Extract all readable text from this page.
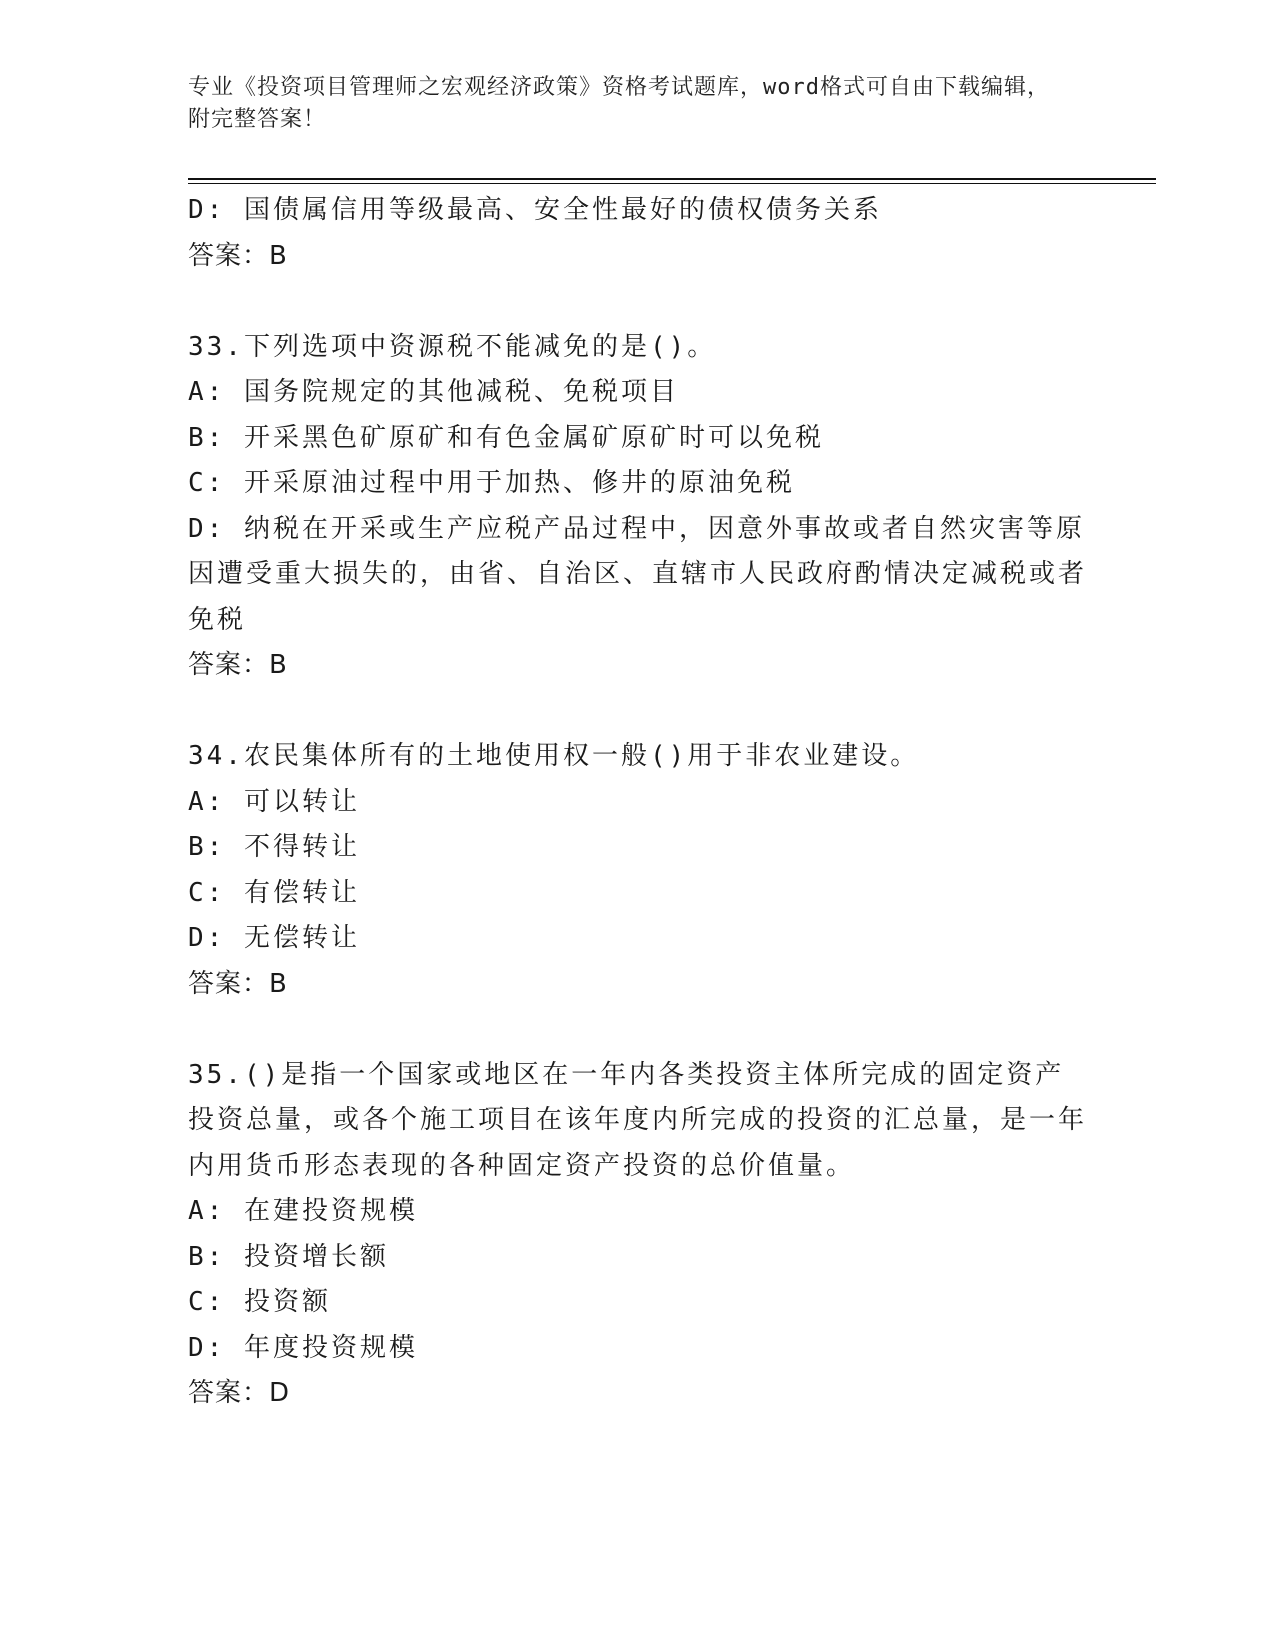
专业《投资项目管理师之宏观经济政策》资格考试题库，word格式可自由下载编辑，附完整答案！
D: 国债属信用等级最高、安全性最好的债权债务关系
答案：B
33.下列选项中资源税不能减免的是()。
A: 国务院规定的其他减税、免税项目
B: 开采黑色矿原矿和有色金属矿原矿时可以免税
C: 开采原油过程中用于加热、修井的原油免税
D: 纳税在开采或生产应税产品过程中，因意外事故或者自然灾害等原因遭受重大损失的，由省、自治区、直辖市人民政府酌情决定减税或者免税
答案：B
34.农民集体所有的土地使用权一般()用于非农业建设。
A: 可以转让
B: 不得转让
C: 有偿转让
D: 无偿转让
答案：B
35.()是指一个国家或地区在一年内各类投资主体所完成的固定资产投资总量，或各个施工项目在该年度内所完成的投资的汇总量，是一年内用货币形态表现的各种固定资产投资的总价值量。
A: 在建投资规模
B: 投资增长额
C: 投资额
D: 年度投资规模
答案：D
